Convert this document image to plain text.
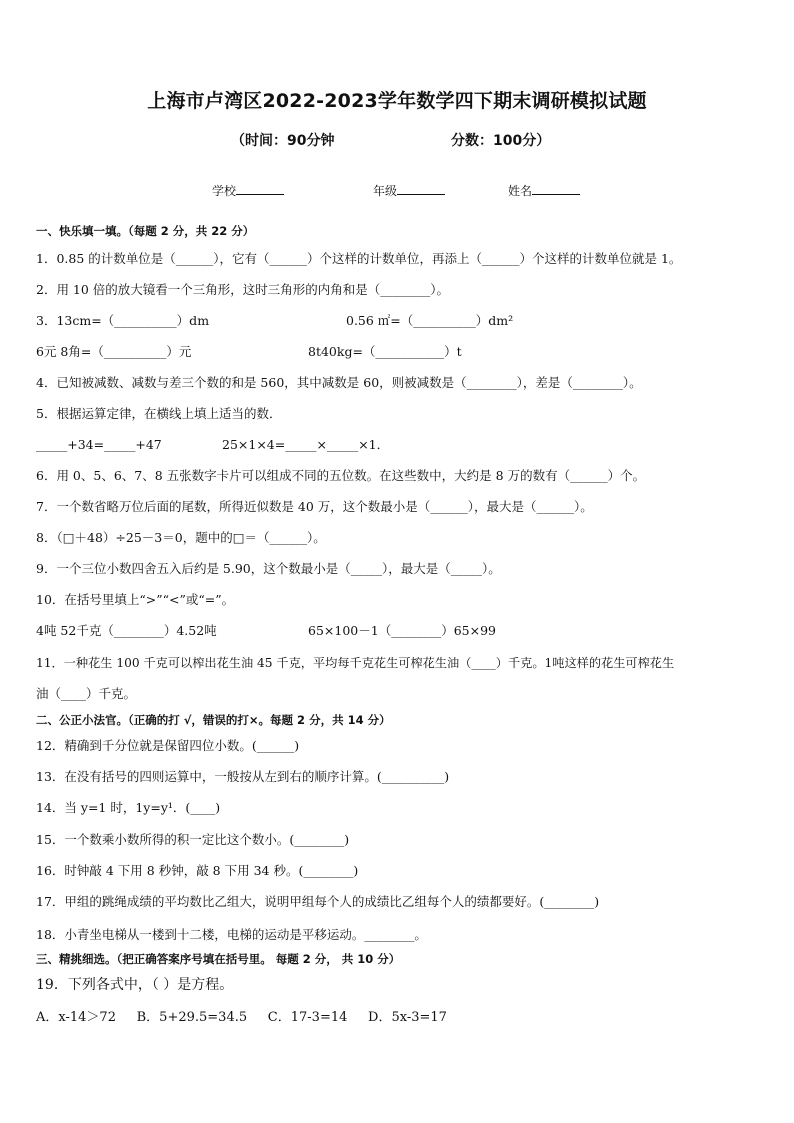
上海市卢湾区2022-2023学年数学四下期末调研模拟试题
（时间：90分钟	分数：100分）
学校	年级	姓名
一、快乐填一填。（每题 2 分，共 22 分）
1．0.85 的计数单位是（______），它有（______）个这样的计数单位，再添上（______）个这样的计数单位就是 1。
2．用 10 倍的放大镜看一个三角形，这时三角形的内角和是（________）。
3．13cm=（__________）dm	0.56 ㎡=（__________）dm²
6元 8角=（__________）元	8t40kg=（___________）t
4．已知被减数、减数与差三个数的和是 560，其中减数是 60，则被减数是（________），差是（________）。
5．根据运算定律，在横线上填上适当的数．
_____+34=_____+47	25×1×4=_____×_____×1．
6．用 0、5、6、7、8 五张数字卡片可以组成不同的五位数。在这些数中，大约是 8 万的数有（______）个。
7．一个数省略万位后面的尾数，所得近似数是 40 万，这个数最小是（______），最大是（______）。
8．（□＋48）÷25－3＝0，题中的□＝（______）。
9．一个三位小数四舍五入后约是 5.90，这个数最小是（_____），最大是（_____）。
10．在括号里填上“>”“<”或“=”。
4吨 52千克（________）4.52吨	65×100－1（________）65×99
11．一种花生 100 千克可以榨出花生油 45 千克，平均每千克花生可榨花生油（____）千克。1吨这样的花生可榨花生
油（____）千克。
二、公正小法官。（正确的打 √，错误的打×。每题 2 分，共 14 分）
12．精确到千分位就是保留四位小数。(______)
13．在没有括号的四则运算中，一般按从左到右的顺序计算。(__________)
14．当 y=1 时，1y=y¹．(____)
15．一个数乘小数所得的积一定比这个数小。(________)
16．时钟敲 4 下用 8 秒钟，敲 8 下用 34 秒。(________)
17．甲组的跳绳成绩的平均数比乙组大，说明甲组每个人的成绩比乙组每个人的绩都要好。(________)
18．小青坐电梯从一楼到十二楼，电梯的运动是平移运动。________。
三、精挑细选。（把正确答案序号填在括号里。 每题 2 分， 共 10 分）
19．下列各式中，（ ）是方程。
A．x-14＞72     B．5+29.5=34.5     C．17-3=14     D．5x-3=17
